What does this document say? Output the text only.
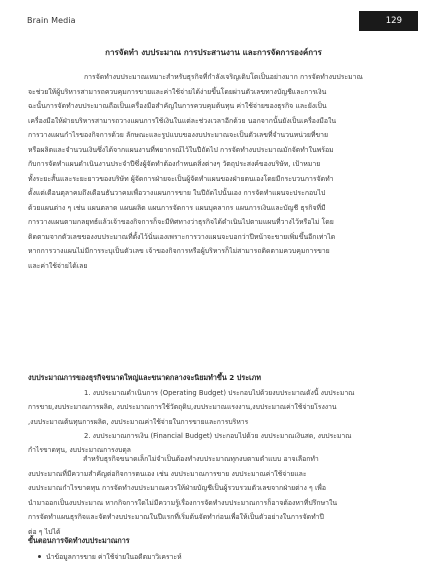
Brain Media	129
การจัดทำ งบประมาณ การประสานงาน และการจัดการองค์การ
การจัดทำงบประมาณเหมาะสำหรับธุรกิจที่กำลังเจริญเติบโตเป็นอย่างมาก การจัดทำงบประมาณ
จะช่วยให้ผู้บริหารสามารถควบคุมการขายและค่าใช้จ่ายได้ง่ายขึ้นโดยผ่านตัวเลขทางบัญชีและการเงิน
ฉะนั้นการจัดทำงบประมาณถือเป็นเครื่องมือสำคัญในการควบคุมต้นทุน ค่าใช้จ่ายของธุรกิจ และยังเป็น
เครื่องมือให้ฝ่ายบริหารสามารถวางแผนการใช้เงินในแต่ละช่วงเวลาอีกด้วย นอกจากนั้นยังเป็นเครื่องมือใน
การวางแผนกำไรของกิจการด้วย ลักษณะและรูปแบบของงบประมาณจะเป็นตัวเลขที่จำนวนหน่วยที่ขาย
หรือผลิตและจำนวนเงินซึ่งได้จากแผนงานที่พยากรณ์ไว้ในปีถัดไป การจัดทำงบประมาณมักจัดทำในพร้อม
กับการจัดทำแผนดำเนินงานประจำปีซึ่งผู้จัดทำต้องกำหนดสิ่งต่างๆ วัตถุประสงค์ของบริษัท, เป้าหมาย
ทั้งระยะสั้นและระยะยาวของบริษัท ผู้จัดการฝ่ายจะเป็นผู้จัดทำแผนของฝ่ายตนเองโดยมีกระบวนการจัดทำ
ตั้งแต่เดือนตุลาคมถึงเดือนธันวาคมเพื่อวางแผนการขาย ในปีถัดไปนั้นเอง การจัดทำแผนจะประกอบไป
ด้วยแผนต่าง ๆ เช่น แผนตลาด แผนผลิต แผนการจัดการ แผนบุคลากร แผนการเงินและบัญชี ธุรกิจที่มี
การวางแผนตามกลยุทธ์แล้วเจ้าของกิจการก็จะมีทิศทางว่าธุรกิจได้ดำเนินไปตามแผนที่วางไว้หรือไม่ โดย
ติดตามจากตัวเลขของงบประมาณที่ตั้งไว้นั่นเองเพราะการวางแผนจะบอกว่าปีหน้าจะขายเพิ่มขึ้นอีกเท่าได
หากการวางแผนไม่มีการระบุเป็นตัวเลข เจ้าของกิจการหรือผู้บริหารก็ไม่สามารถติดตามควบคุมการขาย
และค่าใช้จ่ายได้เลย
งบประมาณการของธุรกิจขนาดใหญ่และขนาดกลางจะนิยมทำขึ้น 2 ประเภท
1. งบประมาณดำเนินการ (Operating Budget) ประกอบไปด้วยงบประมาณดังนี้ งบประมาณ
การขาย,งบประมาณการผลิต, งบประมาณการใช้วัตถุดิบ,งบประมาณแรงงาน,งบประมาณค่าใช้จ่ายโรงงาน
,งบประมาณต้นทุนการผลิต, งบประมาณค่าใช้จ่ายในการขายและการบริหาร
2. งบประมาณการเงิน (Financial Budget) ประกอบไปด้วย งบประมาณเงินสด, งบประมาณ
กำไรขาดทุน, งบประมาณการงบดุล
สำหรับธุรกิจขนาดเล็กไม่จำเป็นต้องทำงบประมาณทุกงบตามตำแบบ อาจเลือกทำ
งบประมาณที่มีความสำคัญต่อกิจการตนเอง เช่น งบประมาณการขาย งบประมาณค่าใช้จ่ายและ
งบประมาณกำไรขาดทุน การจัดทำงบประมาณควรให้ฝ่ายบัญชีเป็นผู้รวบรวมตัวเลขจากฝ่ายต่าง ๆ เพื่อ
นำมาออกเป็นงบประมาณ หากกิจการใดไม่มีความรู้เรื่องการจัดทำงบประมาณการก็อาจต้องหาที่ปรึกษาใน
การจัดทำแผนธุรกิจและจัดทำงบประมาณในปีแรกที่เริ่มต้นจัดทำก่อนเพื่อให้เป็นตัวอย่างในการจัดทำปี
ต่อ ๆ ไปได้
ขั้นตอนการจัดทำงบประมาณการ
นำข้อมูลการขาย ค่าใช้จ่ายในอดีตมาวิเคราะห์
